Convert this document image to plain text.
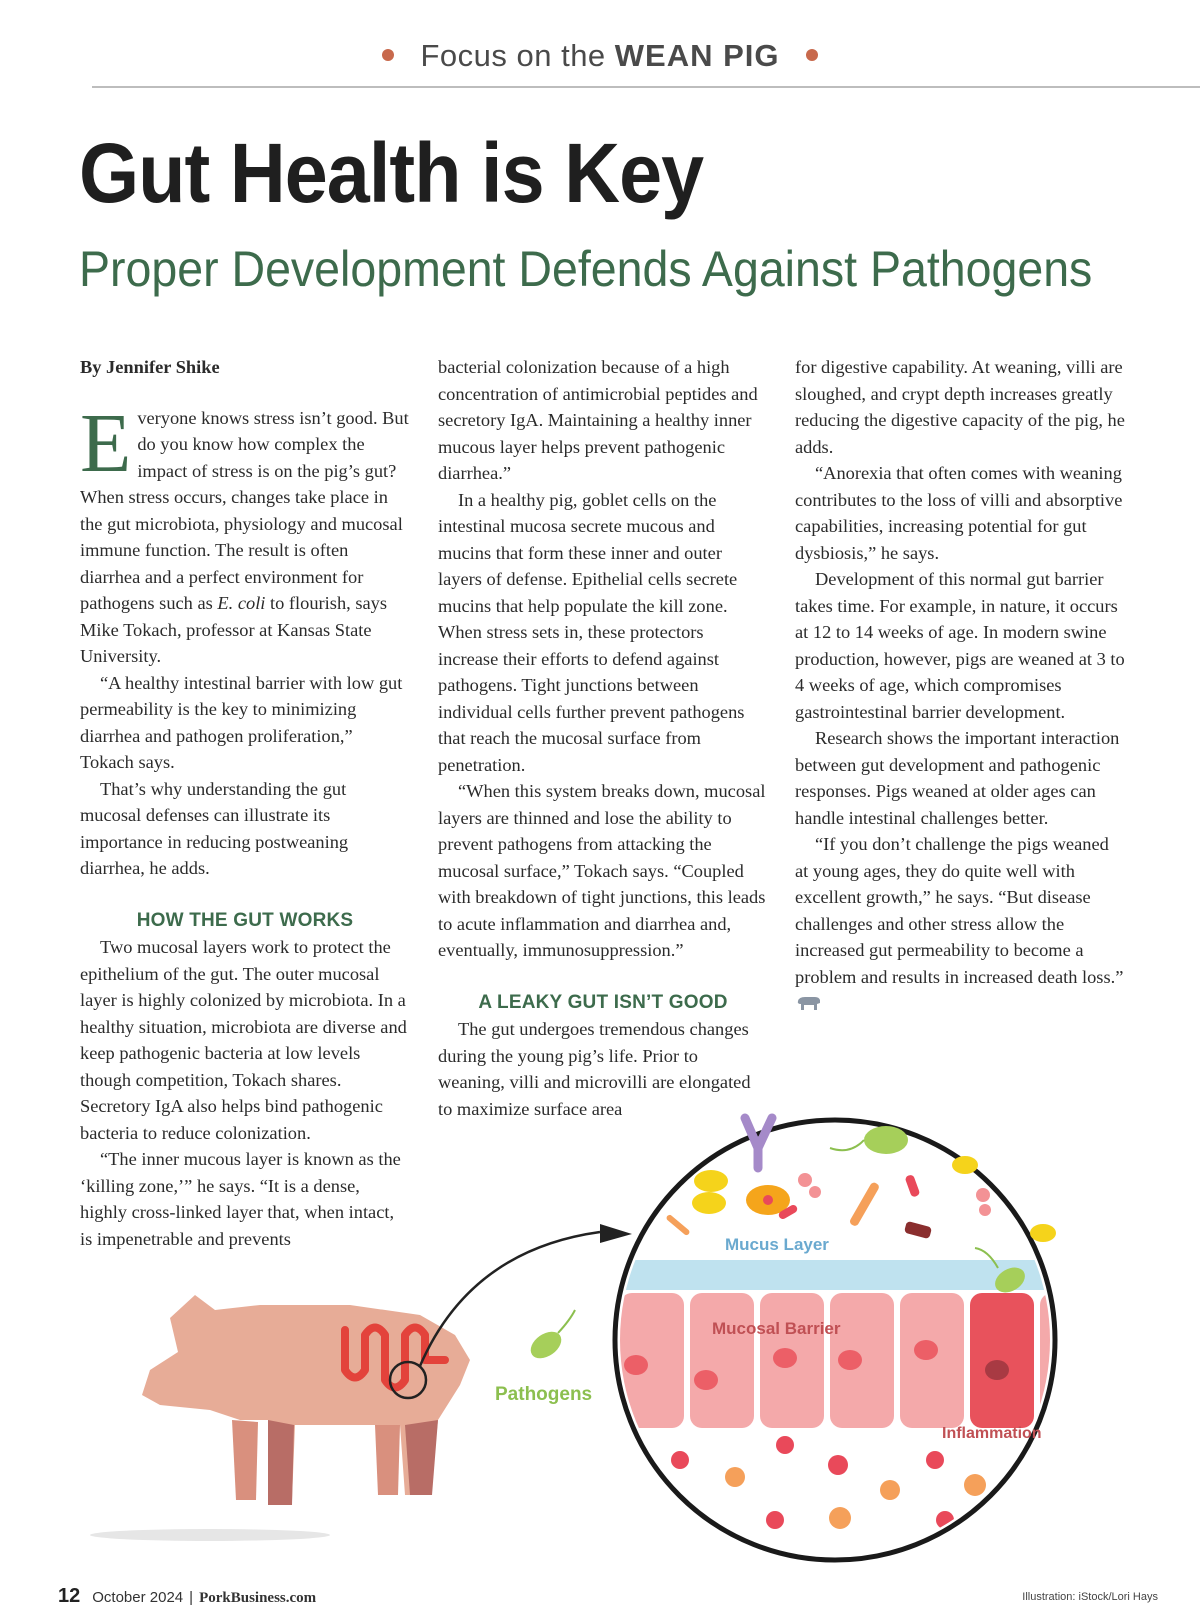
Focus on the WEAN PIG
Gut Health is Key
Proper Development Defends Against Pathogens

By Jennifer Shike

Everyone knows stress isn’t good. But do you know how complex the impact of stress is on the pig’s gut? When stress occurs, changes take place in the gut microbiota, physiology and mucosal immune function. The result is often diarrhea and a perfect environment for pathogens such as E. coli to flourish, says Mike Tokach, professor at Kansas State University.

“A healthy intestinal barrier with low gut permeability is the key to minimizing diarrhea and pathogen proliferation,” Tokach says.

That’s why understanding the gut mucosal defenses can illustrate its importance in reducing postweaning diarrhea, he adds.

HOW THE GUT WORKS

Two mucosal layers work to protect the epithelium of the gut. The outer mucosal layer is highly colonized by microbiota. In a healthy situation, microbiota are diverse and keep pathogenic bacteria at low levels though competition, Tokach shares. Secretory IgA also helps bind pathogenic bacteria to reduce colonization.

“The inner mucous layer is known as the ‘killing zone,’” he says. “It is a dense, highly cross-linked layer that, when intact, is impenetrable and prevents

bacterial colonization because of a high concentration of antimicrobial peptides and secretory IgA. Maintaining a healthy inner mucous layer helps prevent pathogenic diarrhea.”

In a healthy pig, goblet cells on the intestinal mucosa secrete mucous and mucins that form these inner and outer layers of defense. Epithelial cells secrete mucins that help populate the kill zone. When stress sets in, these protectors increase their efforts to defend against pathogens. Tight junctions between individual cells further prevent pathogens that reach the mucosal surface from penetration.

“When this system breaks down, mucosal layers are thinned and lose the ability to prevent pathogens from attacking the mucosal surface,” Tokach says. “Coupled with breakdown of tight junctions, this leads to acute inflammation and diarrhea and, eventually, immunosuppression.”

A LEAKY GUT ISN’T GOOD

The gut undergoes tremendous changes during the young pig’s life. Prior to weaning, villi and microvilli are elongated to maximize surface area

for digestive capability. At weaning, villi are sloughed, and crypt depth increases greatly reducing the digestive capacity of the pig, he adds.

“Anorexia that often comes with weaning contributes to the loss of villi and absorptive capabilities, increasing potential for gut dysbiosis,” he says.

Development of this normal gut barrier takes time. For example, in nature, it occurs at 12 to 14 weeks of age. In modern swine production, however, pigs are weaned at 3 to 4 weeks of age, which compromises gastrointestinal barrier development.

Research shows the important interaction between gut development and pathogenic responses. Pigs weaned at older ages can handle intestinal challenges better.

“If you don’t challenge the pigs weaned at young ages, they do quite well with excellent growth,” he says. “But disease challenges and other stress allow the increased gut permeability to become a problem and results in increased death loss.”

Pathogens
Mucus Layer
Mucosal Barrier
Inflammation
12 October 2024 | PorkBusiness.com	Illustration: iStock/Lori Hays
